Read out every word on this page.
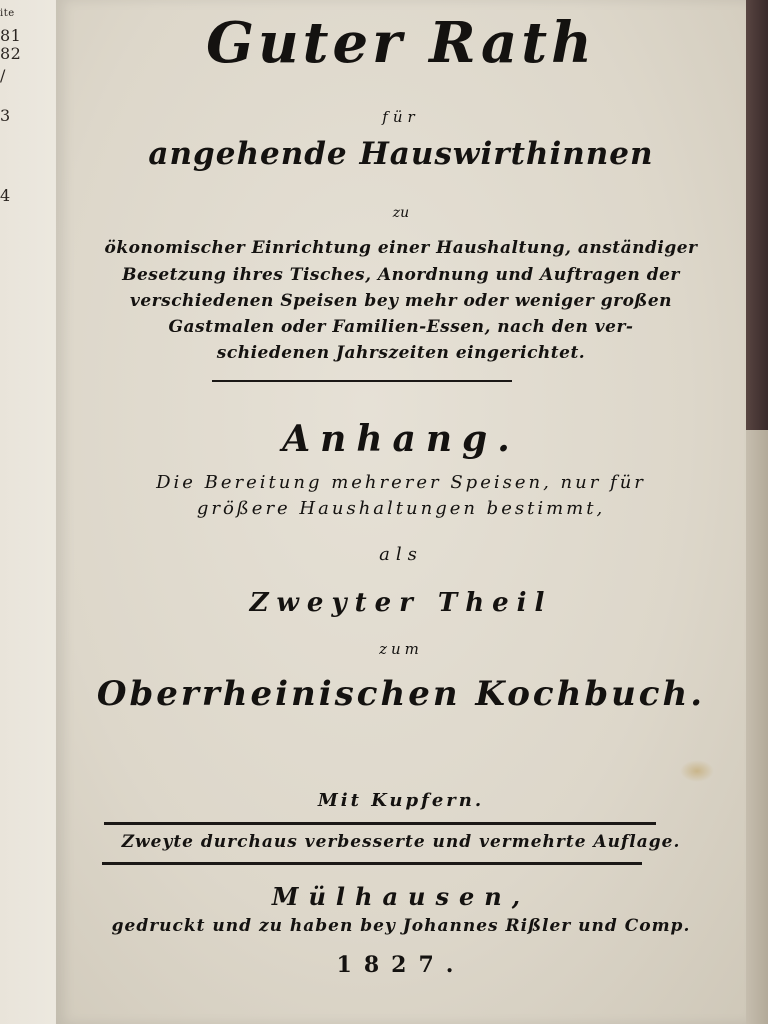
ite
81
82
/
3
4
Guter Rath
für
angehende Hauswirthinnen
zu
ökonomischer Einrichtung einer Haushaltung, anständiger
Besetzung ihres Tisches, Anordnung und Auftragen der
verschiedenen Speisen bey mehr oder weniger großen
Gastmalen oder Familien-Essen, nach den ver-
schiedenen Jahrszeiten eingerichtet.
Anhang.
Die Bereitung mehrerer Speisen, nur für
größere Haushaltungen bestimmt,
als
Zweyter Theil
zum
Oberrheinischen Kochbuch.
Mit Kupfern.
Zweyte durchaus verbesserte und vermehrte Auflage.
Mülhausen,
gedruckt und zu haben bey Johannes Rißler und Comp.
1827.
